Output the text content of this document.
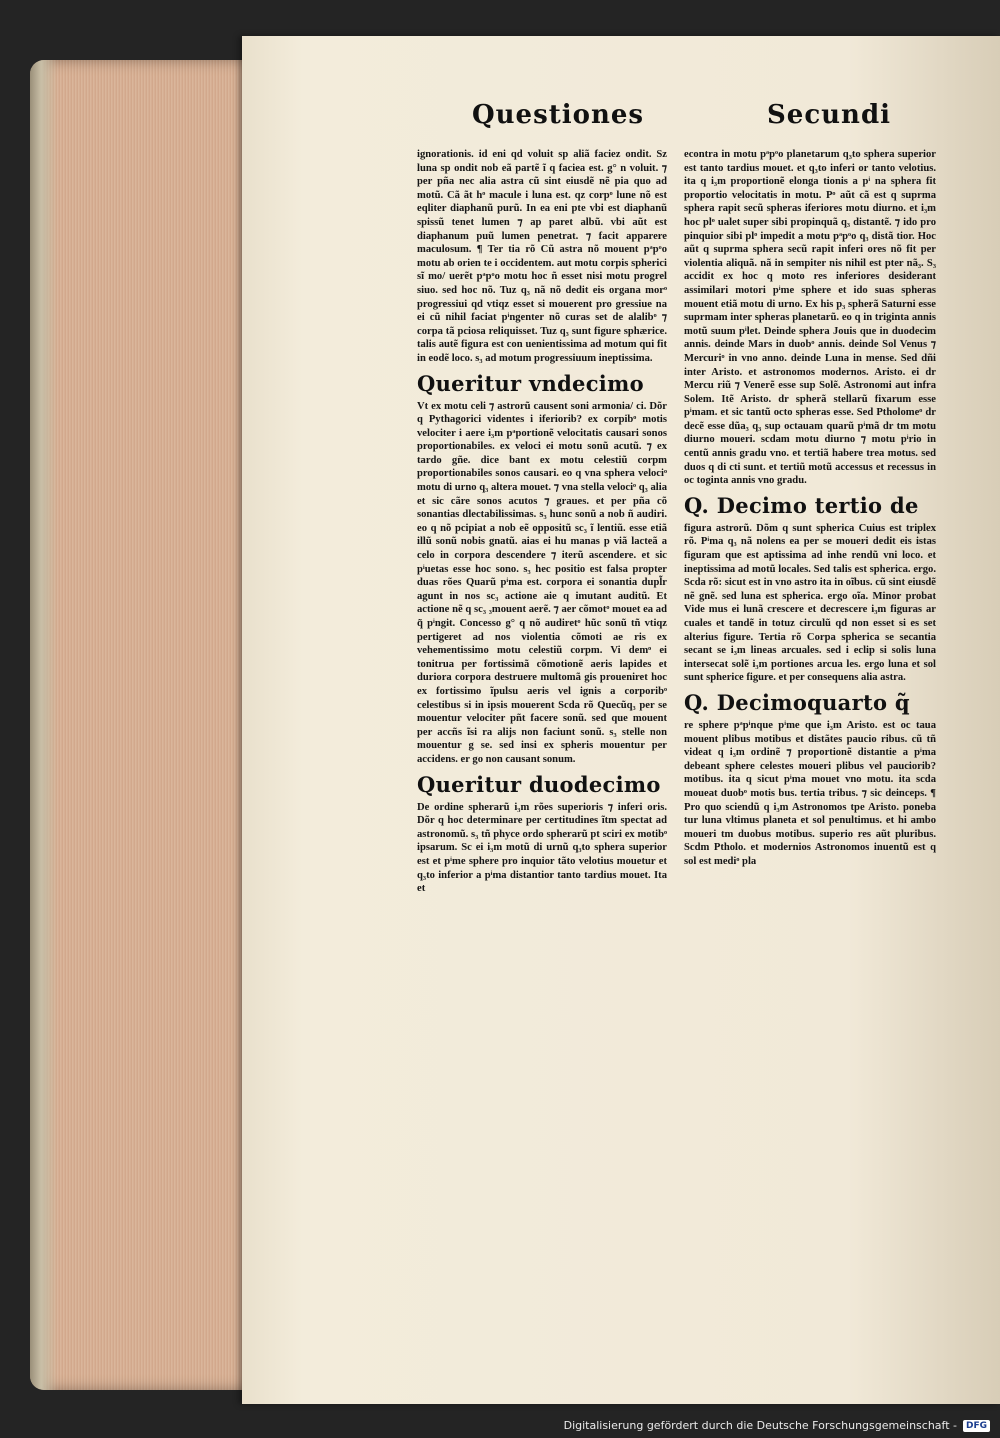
Questiones	Secundi

ignorationis. id eni qd voluit sp aliã faciez ondit. Sz luna sp ondit nob eã partẽ ĩ q faciea est. g° n voluit. ⁊ per pña nec alia astra cũ sint eiusdẽ nẽ pia quo ad motũ. Cã ãt hᵒ macule i luna est. qz corpᵒ lune nõ est eqliter diaphanũ purũ. In ea eni pte vbi est diaphanũ spissũ tenet lumen ⁊ ap paret albũ. vbi aũt est diaphanum puũ lumen penetrat. ⁊ facit apparere maculosum. ¶ Ter tia rõ Cũ astra nõ mouent pͣpͦo motu ab orien te i occidentem. aut motu corpis spherici sĩ mo/ uerẽt pͣpͦo motu hoc ñ esset nisi motu progrel siuo. sed hoc nõ. Tuz q₃ nã nõ dedit eis organa morᵒ progressiui qd vtiqz esset si mouerent pro gressiue na ei cũ nihil faciat pͥngenter nõ curas set de alalibᵒ ⁊ corpa tã pciosa reliquisset. Tuz q₃ sunt figure sphærice. talis autẽ figura est con uenientissima ad motum qui fit in eodẽ loco. s₃ ad motum progressiuum ineptissima.

Queritur vndecimo

Vt ex motu celi ⁊ astrorũ causent soni armonia/ ci. Dõr q Pythagorici videntes i iferiorib? ex corpibᵒ motis velociter i aere i₃m pͣportionẽ velocitatis causari sonos proportionabiles. ex veloci ei motu sonũ acutũ. ⁊ ex tardo gñe. dice bant ex motu celestiũ corpm proportionabiles sonos causari. eo q vna sphera velociᵒ motu di urno q₃ altera mouet. ⁊ vna stella velociᵒ q₃ alia et sic cãre sonos acutos ⁊ graues. et per pña cõ sonantias dlectabilissimas. s₃ hunc sonũ a nob ñ audiri. eo q nõ pcipiat a nob eẽ oppositũ sc₃ ĩ lentiũ. esse etiã illũ sonũ nobis gnatũ. aias ei hu manas p viã lacteã a celo in corpora descendere ⁊ iterũ ascendere. et sic pͥuetas esse hoc sono. s₃ hec positio est falsa propter duas rões Quarũ pͥma est. corpora ei sonantia dupl̃r agunt in nos sc₃ actione aie q imutant auditũ. Et actione nẽ q sc₃ ₃mouent aerẽ. ⁊ aer cõmotᵒ mouet ea ad q̃ pͥngit. Concesso g° q nõ audiretᵒ hũc sonũ tñ vtiqz pertigeret ad nos violentia cõmoti ae ris ex vehementissimo motu celestiũ corpm. Vi demᵒ ei tonitrua per fortissimã cõmotionẽ aeris lapides et duriora corpora destruere multomã gis proueniret hoc ex fortissimo ĩpulsu aeris vel ignis a corporibᵒ celestibus si in ipsis mouerent Scda rõ Quecũq₃ per se mouentur velociter pñt facere sonũ. sed que mouent per accñs ĩsi ra alijs non faciunt sonũ. s₃ stelle non mouentur g se. sed insi ex spheris mouentur per accidens. er go non causant sonum.

Queritur duodecimo

De ordine spherarũ i₃m rões superioris ⁊ inferi oris. Dõr q hoc determinare per certitudines ĩtm spectat ad astronomũ. s₃ tñ phyce ordo spherarũ pt sciri ex motibᵒ ipsarum. Sc ei i₃m motũ di urnũ q₃to sphera superior est et pͥme sphere pro inquior tãto velotius mouetur et q₃to inferior a pͥma distantior tanto tardius mouet. Ita et

econtra in motu pͣpͦo planetarum q₃to sphera superior est tanto tardius mouet. et q₃to inferi or tanto velotius. ita q i₃m proportionẽ elonga tionis a pͥ na sphera fit proportio velocitatis in motu. Pᵒ aũt cã est q suprma sphera rapit secũ spheras iferiores motu diurno. et i₃m hoc plᵒ ualet super sibi propinquã q₃ distantẽ. ⁊ ido pro pinquior sibi plᵒ impedit a motu pͣpͦo q₃ distã tior. Hoc aũt q suprma sphera secũ rapit inferi ores nõ fit per violentia aliquã. nã in sempiter nis nihil est pter nã₃. S₃ accidit ex hoc q moto res inferiores desiderant assimilari motori pͥme sphere et ido suas spheras mouent etiã motu di urno. Ex his p₃ spherã Saturni esse suprmam inter spheras planetarũ. eo q in triginta annis motũ suum pͥlet. Deinde sphera Jouis que in duodecim annis. deinde Mars in duobᵒ annis. deinde Sol Venus ⁊ Mercuriᵒ in vno anno. deinde Luna in mense. Sed dñi inter Aristo. et astronomos modernos. Aristo. ei dr Mercu riũ ⁊ Venerẽ esse sup Solẽ. Astronomi aut infra Solem. Itẽ Aristo. dr spherã stellarũ fixarum esse pͥmam. et sic tantũ octo spheras esse. Sed Ptholomeᵒ dr decẽ esse dũa₃ q₃ sup octauam quarũ pͥmã dr tm motu diurno moueri. scdam motu diurno ⁊ motu pͥrio in centũ annis gradu vno. et tertiã habere trea motus. sed duos q di cti sunt. et tertiũ motũ accessus et recessus in oc toginta annis vno gradu.

Q. Decimo tertio de

figura astrorũ. Dõm q sunt spherica Cuius est triplex rõ. Pͥma q₃ nã nolens ea per se moueri dedit eis istas figuram que est aptissima ad inhe rendũ vni loco. et ineptissima ad motũ locales. Sed talis est spherica. ergo. Scda rõ: sicut est in vno astro ita in oĩbus. cũ sint eiusdẽ nẽ gnẽ. sed luna est spherica. ergo oĩa. Minor probat Vide mus ei lunã crescere et decrescere i₃m figuras ar cuales et tandẽ in totuz circulũ qd non esset si es set alterius figure. Tertia rõ Corpa spherica se secantia secant se i₃m lineas arcuales. sed i eclip si solis luna intersecat solẽ i₃m portiones arcua les. ergo luna et sol sunt spherice figure. et per consequens alia astra.

Q. Decimoquarto q̃

re sphere pͣpͥnque pͥme que i₃m Aristo. est oc taua mouent plibus motibus et distãtes paucio ribus. cũ tñ videat q i₃m ordinẽ ⁊ proportionẽ distantie a pͥma debeant sphere celestes moueri plibus vel pauciorib? motibus. ita q sicut pͥma mouet vno motu. ita scda moueat duobᵒ motis bus. tertia tribus. ⁊ sic deinceps. ¶ Pro quo sciendũ q i₃m Astronomos tpe Aristo. poneba tur luna vltimus planeta et sol penultimus. et hi ambo moueri tm duobus motibus. superio res aũt pluribus. Scdm Ptholo. et modernios Astronomos inuentũ est q sol est mediᵒ pla

Digitalisierung gefördert durch die Deutsche Forschungsgemeinschaft -	DFG
